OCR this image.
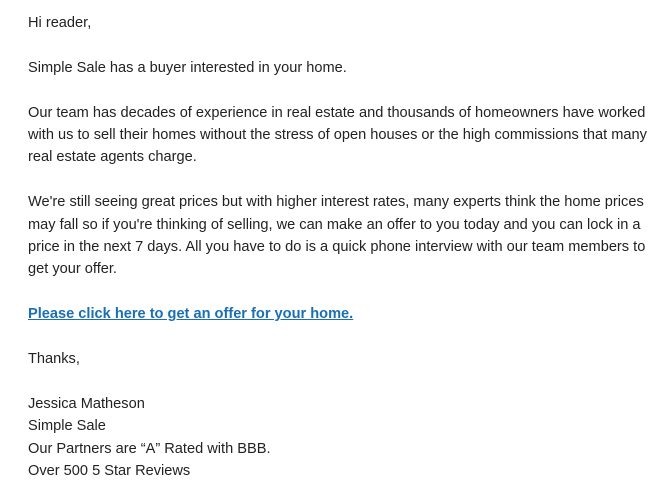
Hi reader,

Simple Sale has a buyer interested in your home.

Our team has decades of experience in real estate and thousands of homeowners have worked with us to sell their homes without the stress of open houses or the high commissions that many real estate agents charge.

We're still seeing great prices but with higher interest rates, many experts think the home prices may fall so if you're thinking of selling, we can make an offer to you today and you can lock in a price in the next 7 days. All you have to do is a quick phone interview with our team members to get your offer.

Please click here to get an offer for your home.

Thanks,

Jessica Matheson
Simple Sale
Our Partners are “A” Rated with BBB.
Over 500 5 Star Reviews
